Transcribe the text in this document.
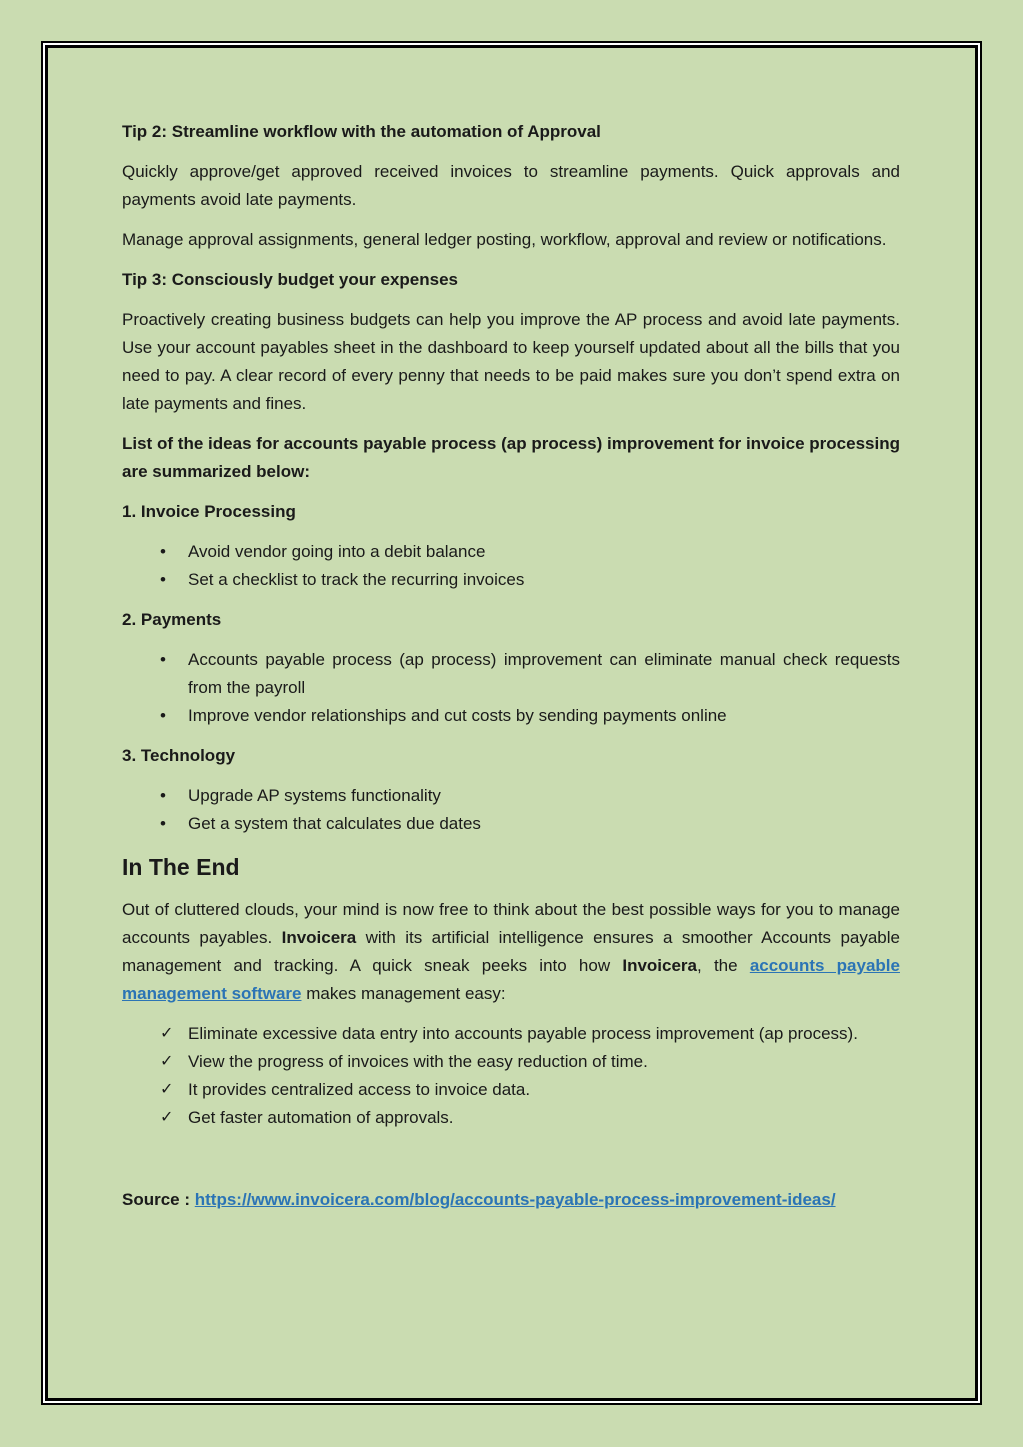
Tip 2: Streamline workflow with the automation of Approval

Quickly approve/get approved received invoices to streamline payments. Quick approvals and payments avoid late payments.

Manage approval assignments, general ledger posting, workflow, approval and review or notifications.

Tip 3: Consciously budget your expenses

Proactively creating business budgets can help you improve the AP process and avoid late payments. Use your account payables sheet in the dashboard to keep yourself updated about all the bills that you need to pay. A clear record of every penny that needs to be paid makes sure you don’t spend extra on late payments and fines.

List of the ideas for accounts payable process (ap process) improvement for invoice processing are summarized below:
1. Invoice Processing
•	Avoid vendor going into a debit balance
•	Set a checklist to track the recurring invoices
2. Payments
•	Accounts payable process (ap process) improvement can eliminate manual check requests from the payroll
•	Improve vendor relationships and cut costs by sending payments online
3. Technology
•	Upgrade AP systems functionality
•	Get a system that calculates due dates
In The End

Out of cluttered clouds, your mind is now free to think about the best possible ways for you to manage accounts payables. Invoicera with its artificial intelligence ensures a smoother Accounts payable management and tracking. A quick sneak peeks into how Invoicera, the accounts payable management software makes management easy:

✓ Eliminate excessive data entry into accounts payable process improvement (ap process).
✓ View the progress of invoices with the easy reduction of time.
✓ It provides centralized access to invoice data.
✓ Get faster automation of approvals.

Source : https://www.invoicera.com/blog/accounts-payable-process-improvement-ideas/
